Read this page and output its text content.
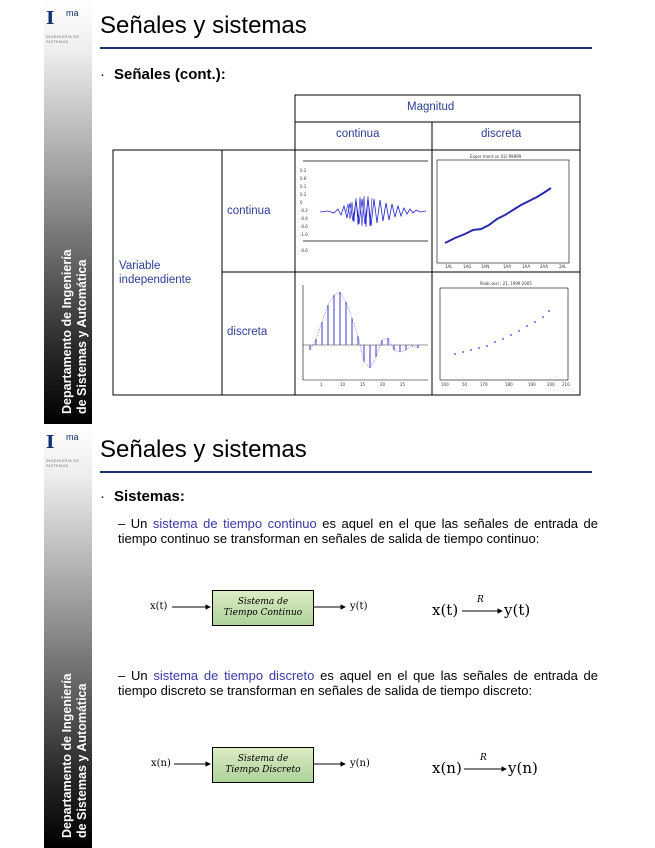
Departamento de Ingeniería de Sistemas y Automática
I ma
INGENIERÍA DE SISTEMAS
Señales y sistemas
· Señales (cont.):
0.2
0.6
0.1
0.2
0
-0.2
-0.4
-0.6
-1.0
-0.6
Exper ment on 02/ 99999
1AL	1AG 1AN	1AA	1AA 2AA	2AL
1	10	15	20	25
Poob sosi ; 21, 1999 2005
100	50	170	180	190	200 210
Magnitud
continua	discreta
Variable independiente
continua
discreta
Departamento de Ingeniería de Sistemas y Automática
I ma
INGENIERÍA DE SISTEMAS
Señales y sistemas
· Sistemas:
– Un sistema de tiempo continuo es aquel en el que las señales de entrada de tiempo continuo se transforman en señales de salida de tiempo continuo:
– Un sistema de tiempo discreto es aquel en el que las señales de entrada de tiempo discreto se transforman en señales de salida de tiempo discreto:
x(t)	Sistema de
Tiempo Continuo
y(t)	x(t)
R
y(t)
x(n)	Sistema de
Tiempo Discreto
y(n)	x(n)
R
y(n)
